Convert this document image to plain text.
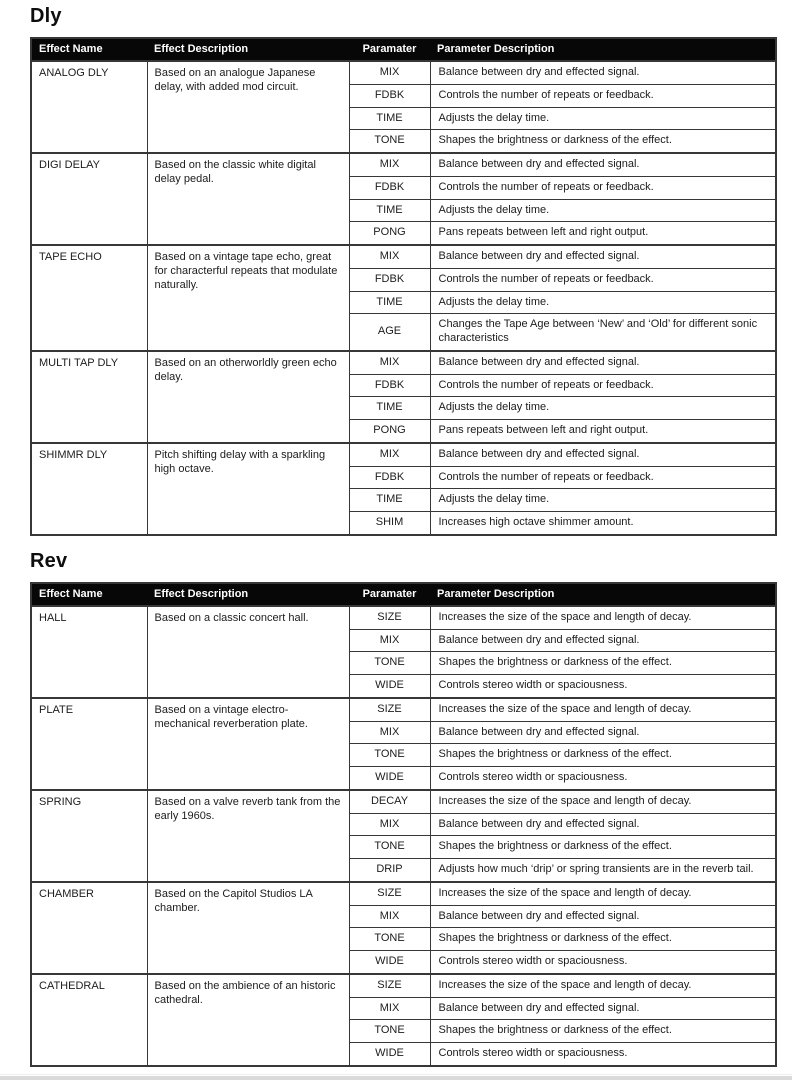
Dly
Effect Name	Effect Description	Paramater	Parameter Description
ANALOG DLY	Based on an analogue Japanese delay, with added mod circuit.	MIX	Balance between dry and effected signal.
		FDBK	Controls the number of repeats or feedback.
		TIME	Adjusts the delay time.
		TONE	Shapes the brightness or darkness of the effect.
DIGI DELAY	Based on the classic white digital delay pedal.	MIX	Balance between dry and effected signal.
		FDBK	Controls the number of repeats or feedback.
		TIME	Adjusts the delay time.
		PONG	Pans repeats between left and right output.
TAPE ECHO	Based on a vintage tape echo, great for characterful repeats that modulate naturally.	MIX	Balance between dry and effected signal.
		FDBK	Controls the number of repeats or feedback.
		TIME	Adjusts the delay time.
		AGE	Changes the Tape Age between ‘New’ and ‘Old’ for different sonic characteristics
MULTI TAP DLY	Based on an otherworldly green echo delay.	MIX	Balance between dry and effected signal.
		FDBK	Controls the number of repeats or feedback.
		TIME	Adjusts the delay time.
		PONG	Pans repeats between left and right output.
SHIMMR DLY	Pitch shifting delay with a sparkling high octave.	MIX	Balance between dry and effected signal.
		FDBK	Controls the number of repeats or feedback.
		TIME	Adjusts the delay time.
		SHIM	Increases high octave shimmer amount.
Rev
Effect Name	Effect Description	Paramater	Parameter Description
HALL	Based on a classic concert hall.	SIZE	Increases the size of the space and length of decay.
		MIX	Balance between dry and effected signal.
		TONE	Shapes the brightness or darkness of the effect.
		WIDE	Controls stereo width or spaciousness.
PLATE	Based on a vintage electro-mechanical reverberation plate.	SIZE	Increases the size of the space and length of decay.
		MIX	Balance between dry and effected signal.
		TONE	Shapes the brightness or darkness of the effect.
		WIDE	Controls stereo width or spaciousness.
SPRING	Based on a valve reverb tank from the early 1960s.	DECAY	Increases the size of the space and length of decay.
		MIX	Balance between dry and effected signal.
		TONE	Shapes the brightness or darkness of the effect.
		DRIP	Adjusts how much ‘drip’ or spring transients are in the reverb tail.
CHAMBER	Based on the Capitol Studios LA chamber.	SIZE	Increases the size of the space and length of decay.
		MIX	Balance between dry and effected signal.
		TONE	Shapes the brightness or darkness of the effect.
		WIDE	Controls stereo width or spaciousness.
CATHEDRAL	Based on the ambience of an historic cathedral.	SIZE	Increases the size of the space and length of decay.
		MIX	Balance between dry and effected signal.
		TONE	Shapes the brightness or darkness of the effect.
		WIDE	Controls stereo width or spaciousness.
